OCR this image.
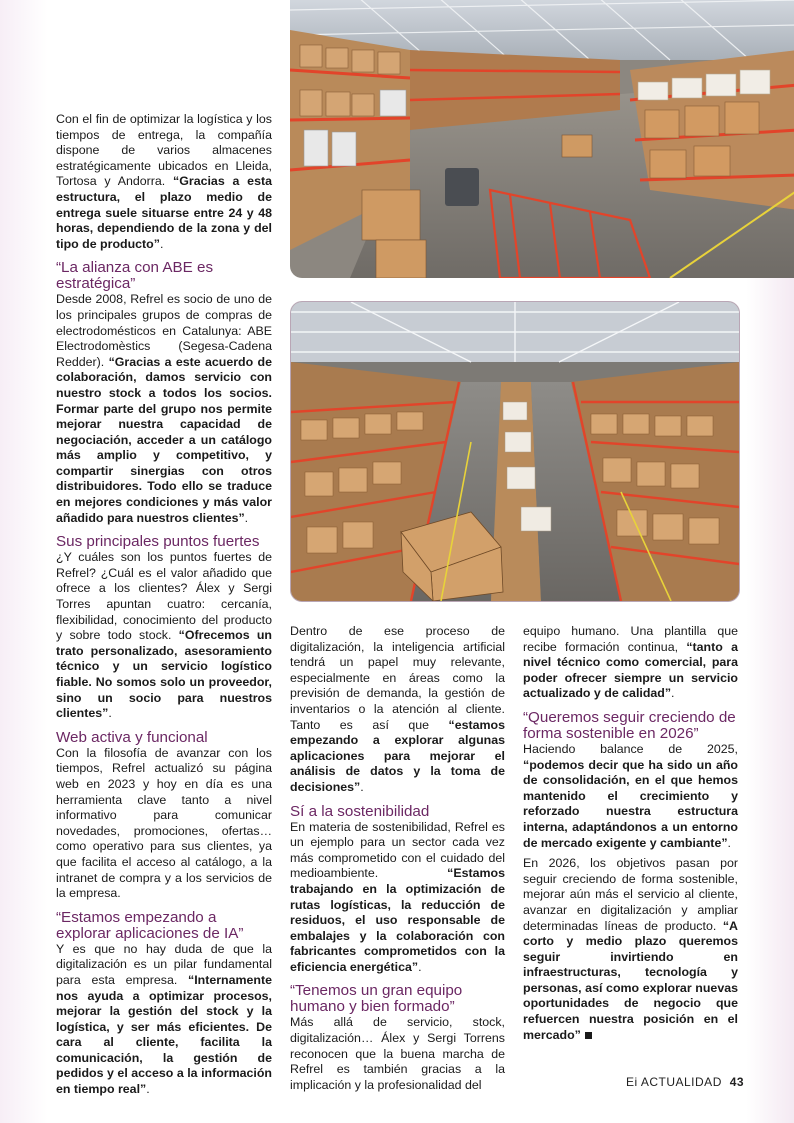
Con el fin de optimizar la logística y los tiempos de entrega, la compañía dispone de varios almacenes estratégicamente ubicados en Lleida, Tortosa y Andorra. “Gracias a esta estructura, el plazo medio de entrega suele situarse entre 24 y 48 horas, dependiendo de la zona y del tipo de producto”.

“La alianza con ABE es estratégica”

Desde 2008, Refrel es socio de uno de los principales grupos de compras de electrodomésticos en Catalunya: ABE Electrodomèstics (Segesa-Cadena Redder). “Gracias a este acuerdo de colaboración, damos servicio con nuestro stock a todos los socios. Formar parte del grupo nos permite mejorar nuestra capacidad de negociación, acceder a un catálogo más amplio y competitivo, y compartir sinergias con otros distribuidores. Todo ello se traduce en mejores condiciones y más valor añadido para nuestros clientes”.

Sus principales puntos fuertes

¿Y cuáles son los puntos fuertes de Refrel? ¿Cuál es el valor añadido que ofrece a los clientes? Álex y Sergi Torres apuntan cuatro: cercanía, flexibilidad, conocimiento del producto y sobre todo stock. “Ofrecemos un trato personalizado, asesoramiento técnico y un servicio logístico fiable. No somos solo un proveedor, sino un socio para nuestros clientes”.

Web activa y funcional

Con la filosofía de avanzar con los tiempos, Refrel actualizó su página web en 2023 y hoy en día es una herramienta clave tanto a nivel informativo para comunicar novedades, promociones, ofertas… como operativo para sus clientes, ya que facilita el acceso al catálogo, a la intranet de compra y a los servicios de la empresa.

“Estamos empezando a explorar aplicaciones de IA”

Y es que no hay duda de que la digitalización es un pilar fundamental para esta empresa. “Internamente nos ayuda a optimizar procesos, mejorar la gestión del stock y la logística, y ser más eficientes. De cara al cliente, facilita la comunicación, la gestión de pedidos y el acceso a la información en tiempo real”.

Dentro de ese proceso de digitalización, la inteligencia artificial tendrá un papel muy relevante, especialmente en áreas como la previsión de demanda, la gestión de inventarios o la atención al cliente. Tanto es así que “estamos empezando a explorar algunas aplicaciones para mejorar el análisis de datos y la toma de decisiones”.

Sí a la sostenibilidad

En materia de sostenibilidad, Refrel es un ejemplo para un sector cada vez más comprometido con el cuidado del medioambiente. “Estamos trabajando en la optimización de rutas logísticas, la reducción de residuos, el uso responsable de embalajes y la colaboración con fabricantes comprometidos con la eficiencia energética”.

“Tenemos un gran equipo humano y bien formado”

Más allá de servicio, stock, digitalización… Álex y Sergi Torrens reconocen que la buena marcha de Refrel es también gracias a la implicación y la profesionalidad del

equipo humano. Una plantilla que recibe formación continua, “tanto a nivel técnico como comercial, para poder ofrecer siempre un servicio actualizado y de calidad”.

“Queremos seguir creciendo de forma sostenible en 2026”

Haciendo balance de 2025, “podemos decir que ha sido un año de consolidación, en el que hemos mantenido el crecimiento y reforzado nuestra estructura interna, adaptándonos a un entorno de mercado exigente y cambiante”.

En 2026, los objetivos pasan por seguir creciendo de forma sostenible, mejorar aún más el servicio al cliente, avanzar en digitalización y ampliar determinadas líneas de producto. “A corto y medio plazo queremos seguir invirtiendo en infraestructuras, tecnología y personas, así como explorar nuevas oportunidades de negocio que refuercen nuestra posición en el mercado”

Ei ACTUALIDAD 43
